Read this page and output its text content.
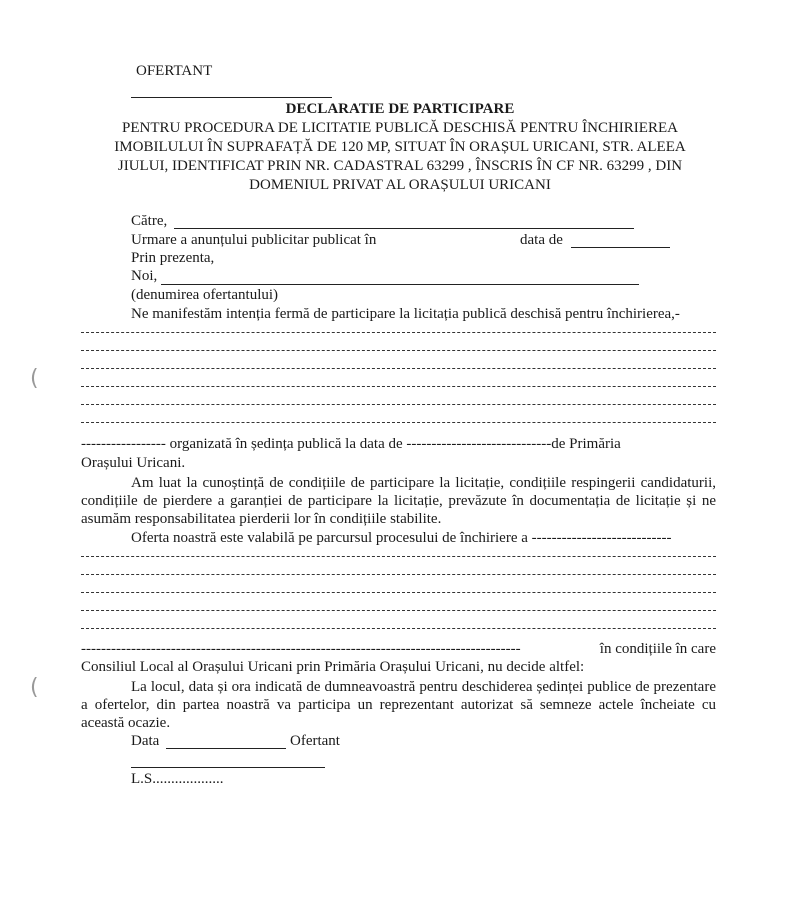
OFERTANT
DECLARATIE DE PARTICIPARE
PENTRU PROCEDURA DE LICITATIE PUBLICĂ DESCHISĂ PENTRU ÎNCHIRIEREA
IMOBILULUI ÎN SUPRAFAȚĂ DE 120 MP, SITUAT ÎN ORAȘUL URICANI, STR. ALEEA
JIULUI, IDENTIFICAT PRIN NR. CADASTRAL 63299 , ÎNSCRIS ÎN CF NR. 63299 , DIN
DOMENIUL PRIVAT AL ORAȘULUI URICANI
Către,
Urmare a anunțului publicitar publicat în	data de
Prin prezenta,
Noi,
(denumirea ofertantului)
Ne manifestăm intenția fermă de participare la licitația publică deschisă pentru închirierea,-
----------------- organizată în ședința publică la data de -----------------------------de Primăria
Orașului Uricani.
Am luat la cunoștință de condițiile de participare la licitație, condițiile respingerii candidaturii, condițiile de pierdere a garanției de participare la licitație, prevăzute în documentația de licitație și ne asumăm responsabilitatea pierderii lor în condițiile stabilite.
Oferta noastră este valabilă pe parcursul procesului de închiriere a ----------------------------
----------------------------------------------------------------------------------------	în condițiile în care
Consiliul Local al Orașului Uricani prin Primăria Orașului Uricani, nu decide altfel:
La locul, data și ora indicată de dumneavoastră pentru deschiderea ședinței publice de prezentare a ofertelor, din partea noastră va participa un reprezentant autorizat să semneze actele încheiate cu această ocazie.
Data	Ofertant
L.S...................
(
(
